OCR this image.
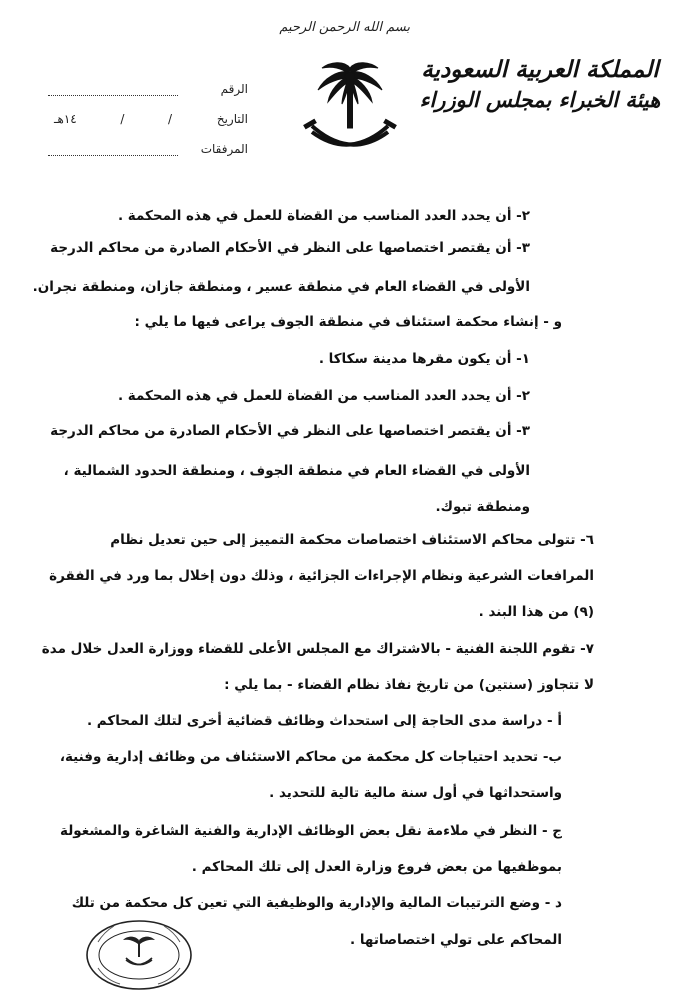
بسم الله الرحمن الرحيم
المملكة العربية السعودية
هيئة الخبراء بمجلس الوزراء
الرقم
التاريخ
/
/
١٤هـ
المرفقات
٢- أن يحدد العدد المناسب من القضاة للعمل في هذه المحكمة .
٣- أن يقتصر اختصاصها على النظر في الأحكام الصادرة من محاكم الدرجة
الأولى في القضاء العام في منطقة عسير ، ومنطقة جازان، ومنطقة نجران.
و - إنشاء محكمة استئناف في منطقة الجوف يراعى فيها ما يلي :
١- أن يكون مقرها مدينة سكاكا .
٢- أن يحدد العدد المناسب من القضاة للعمل في هذه المحكمة .
٣- أن يقتصر اختصاصها على النظر في الأحكام الصادرة من محاكم الدرجة
الأولى في القضاء العام في منطقة الجوف ، ومنطقة الحدود الشمالية ،
ومنطقة تبوك.
٦- تتولى محاكم الاستئناف اختصاصات محكمة التمييز إلى حين تعديل نظام
المرافعات الشرعية ونظام الإجراءات الجزائية ، وذلك دون إخلال بما ورد في الفقرة
(٩) من هذا البند .
٧- تقوم اللجنة الفنية - بالاشتراك مع المجلس الأعلى للقضاء ووزارة العدل خلال مدة
لا تتجاوز (سنتين) من تاريخ نفاذ نظام القضاء - بما يلي :
أ - دراسة مدى الحاجة إلى استحداث وظائف قضائية أخرى لتلك المحاكم .
ب- تحديد احتياجات كل محكمة من محاكم الاستئناف من وظائف إدارية وفنية،
واستحداثها في أول سنة مالية تالية للتحديد .
ج - النظر في ملاءمة نقل بعض الوظائف الإدارية والفنية الشاغرة والمشغولة
بموظفيها من بعض فروع وزارة العدل إلى تلك المحاكم .
د - وضع الترتيبات المالية والإدارية والوظيفية التي تعين كل محكمة من تلك
المحاكم على تولي اختصاصاتها .
